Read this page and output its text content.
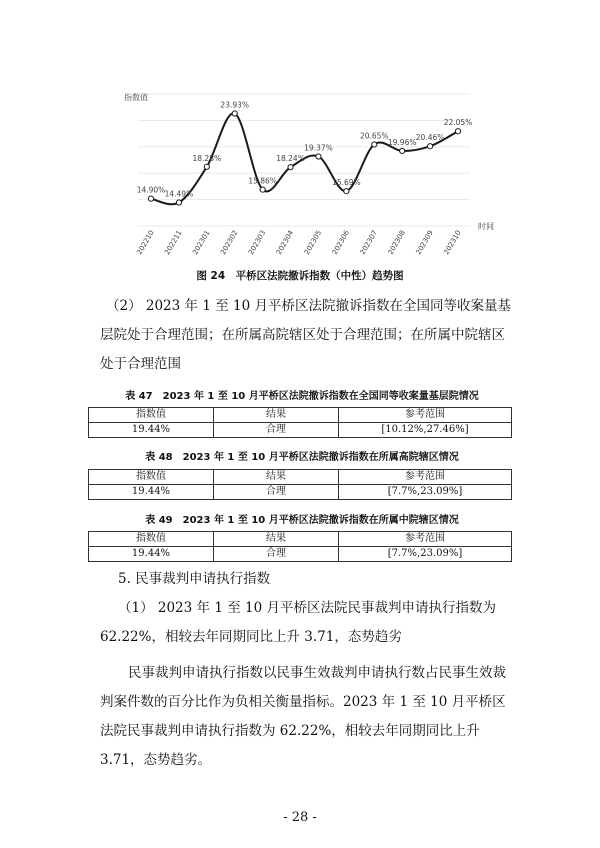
指数值
时间
14.90%
202210
14.49%
202211
18.28%
202301
23.93%
202302
15.86%
202303
18.24%
202304
19.37%
202305
15.69%
202306
20.65%
202307
19.96%
202308
20.46%
202309
22.05%
202310
图 24　平桥区法院撤诉指数（中性）趋势图
（2） 2023 年 1 至 10 月平桥区法院撤诉指数在全国同等收案量基层院处于合理范围；在所属高院辖区处于合理范围；在所属中院辖区处于合理范围
表 47　2023 年 1 至 10 月平桥区法院撤诉指数在全国同等收案量基层院情况
指数值	结果	参考范围
19.44%	合理	[10.12%,27.46%]
表 48　2023 年 1 至 10 月平桥区法院撤诉指数在所属高院辖区情况
指数值	结果	参考范围
19.44%	合理	[7.7%,23.09%]
表 49　2023 年 1 至 10 月平桥区法院撤诉指数在所属中院辖区情况
指数值	结果	参考范围
19.44%	合理	[7.7%,23.09%]
5. 民事裁判申请执行指数
（1） 2023 年 1 至 10 月平桥区法院民事裁判申请执行指数为 62.22%，相较去年同期同比上升 3.71，态势趋劣
民事裁判申请执行指数以民事生效裁判申请执行数占民事生效裁判案件数的百分比作为负相关衡量指标。2023 年 1 至 10 月平桥区法院民事裁判申请执行指数为 62.22%，相较去年同期同比上升 3.71，态势趋劣。
- 28 -
